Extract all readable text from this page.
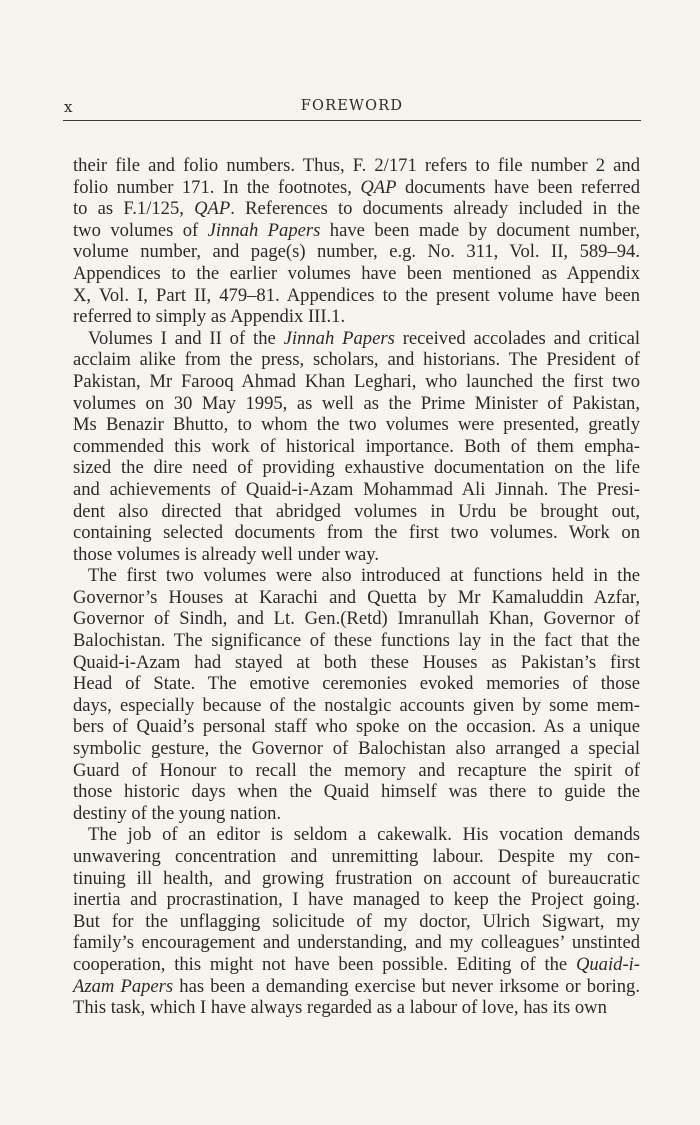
x	FOREWORD
their file and folio numbers. Thus, F. 2/171 refers to file number 2 and
folio number 171. In the footnotes, QAP documents have been referred
to as F.1/125, QAP. References to documents already included in the
two volumes of Jinnah Papers have been made by document number,
volume number, and page(s) number, e.g. No. 311, Vol. II, 589–94.
Appendices to the earlier volumes have been mentioned as Appendix
X, Vol. I, Part II, 479–81. Appendices to the present volume have been
referred to simply as Appendix III.1.
Volumes I and II of the Jinnah Papers received accolades and critical
acclaim alike from the press, scholars, and historians. The President of
Pakistan, Mr Farooq Ahmad Khan Leghari, who launched the first two
volumes on 30 May 1995, as well as the Prime Minister of Pakistan,
Ms Benazir Bhutto, to whom the two volumes were presented, greatly
commended this work of historical importance. Both of them empha-
sized the dire need of providing exhaustive documentation on the life
and achievements of Quaid-i-Azam Mohammad Ali Jinnah. The Presi-
dent also directed that abridged volumes in Urdu be brought out,
containing selected documents from the first two volumes. Work on
those volumes is already well under way.
The first two volumes were also introduced at functions held in the
Governor’s Houses at Karachi and Quetta by Mr Kamaluddin Azfar,
Governor of Sindh, and Lt. Gen.(Retd) Imranullah Khan, Governor of
Balochistan. The significance of these functions lay in the fact that the
Quaid-i-Azam had stayed at both these Houses as Pakistan’s first
Head of State. The emotive ceremonies evoked memories of those
days, especially because of the nostalgic accounts given by some mem-
bers of Quaid’s personal staff who spoke on the occasion. As a unique
symbolic gesture, the Governor of Balochistan also arranged a special
Guard of Honour to recall the memory and recapture the spirit of
those historic days when the Quaid himself was there to guide the
destiny of the young nation.
The job of an editor is seldom a cakewalk. His vocation demands
unwavering concentration and unremitting labour. Despite my con-
tinuing ill health, and growing frustration on account of bureaucratic
inertia and procrastination, I have managed to keep the Project going.
But for the unflagging solicitude of my doctor, Ulrich Sigwart, my
family’s encouragement and understanding, and my colleagues’ unstinted
cooperation, this might not have been possible. Editing of the Quaid-i-
Azam Papers has been a demanding exercise but never irksome or boring.
This task, which I have always regarded as a labour of love, has its own
